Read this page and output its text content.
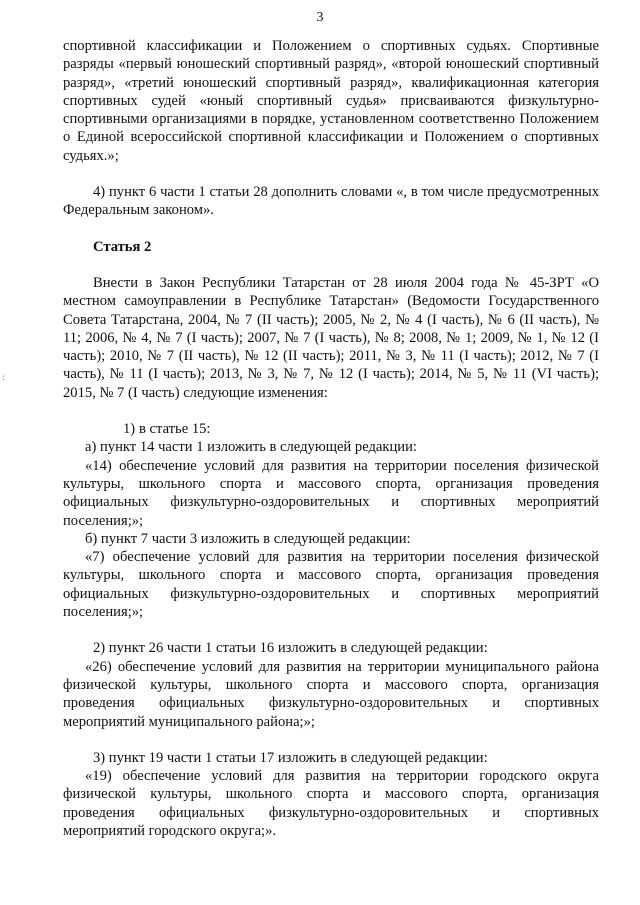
3
:

спортивной классификации и Положением о спортивных судьях. Спортивные разряды «первый юношеский спортивный разряд», «второй юношеский спортивный разряд», «третий юношеский спортивный разряд», квалификационная категория спортивных судей «юный спортивный судья» присваиваются физкультурно-спортивными организациями в порядке, установленном соответственно Положением о Единой всероссийской спортивной классификации и Положением о спортивных судьях.»;

4) пункт 6 части 1 статьи 28 дополнить словами «, в том числе предусмотренных Федеральным законом».

Статья 2

Внести в Закон Республики Татарстан от 28 июля 2004 года № 45-ЗРТ «О местном самоуправлении в Республике Татарстан» (Ведомости Государственного Совета Татарстана, 2004, № 7 (II часть); 2005, № 2, № 4 (I часть), № 6 (II часть), № 11; 2006, № 4, № 7 (I часть); 2007, № 7 (I часть), № 8; 2008, № 1; 2009, № 1, № 12 (I часть); 2010, № 7 (II часть), № 12 (II часть); 2011, № 3, № 11 (I часть); 2012, № 7 (I часть), № 11 (I часть); 2013, № 3, № 7, № 12 (I часть); 2014, № 5, № 11 (VI часть); 2015, № 7 (I часть) следующие изменения:

1) в статье 15:

а) пункт 14 части 1 изложить в следующей редакции:

«14) обеспечение условий для развития на территории поселения физической культуры, школьного спорта и массового спорта, организация проведения официальных физкультурно-оздоровительных и спортивных мероприятий поселения;»;

б) пункт 7 части 3 изложить в следующей редакции:

«7) обеспечение условий для развития на территории поселения физической культуры, школьного спорта и массового спорта, организация проведения официальных физкультурно-оздоровительных и спортивных мероприятий поселения;»;

2) пункт 26 части 1 статьи 16 изложить в следующей редакции:

«26) обеспечение условий для развития на территории муниципального района физической культуры, школьного спорта и массового спорта, организация проведения официальных физкультурно-оздоровительных и спортивных мероприятий муниципального района;»;

3) пункт 19 части 1 статьи 17 изложить в следующей редакции:

«19) обеспечение условий для развития на территории городского округа физической культуры, школьного спорта и массового спорта, организация проведения официальных физкультурно-оздоровительных и спортивных мероприятий городского округа;».
